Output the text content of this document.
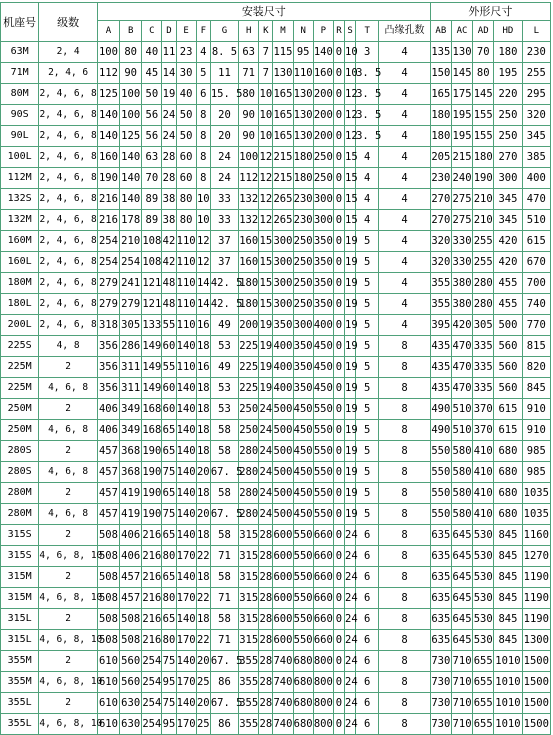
机座号	级数	安装尺寸																外形尺寸				
		A	B	C	D	E	F	G	H	K	M	N	P	R	S	T	凸缘孔数	AB	AC	AD	HD	L
63M	2, 4	100	80	40	11	23	4	8. 5	63	7	115	95	140	0	10	3	4	135	130	70	180	230
71M	2, 4, 6	112	90	45	14	30	5	11	71	7	130	110	160	0	10	3. 5	4	150	145	80	195	255
80M	2, 4, 6, 8	125	100	50	19	40	6	15. 5	80	10	165	130	200	0	12	3. 5	4	165	175	145	220	295
90S	2, 4, 6, 8	140	100	56	24	50	8	20	90	10	165	130	200	0	12	3. 5	4	180	195	155	250	320
90L	2, 4, 6, 8	140	125	56	24	50	8	20	90	10	165	130	200	0	12	3. 5	4	180	195	155	250	345
100L	2, 4, 6, 8	160	140	63	28	60	8	24	100	12	215	180	250	0	15	4	4	205	215	180	270	385
112M	2, 4, 6, 8	190	140	70	28	60	8	24	112	12	215	180	250	0	15	4	4	230	240	190	300	400
132S	2, 4, 6, 8	216	140	89	38	80	10	33	132	12	265	230	300	0	15	4	4	270	275	210	345	470
132M	2, 4, 6, 8	216	178	89	38	80	10	33	132	12	265	230	300	0	15	4	4	270	275	210	345	510
160M	2, 4, 6, 8	254	210	108	42	110	12	37	160	15	300	250	350	0	19	5	4	320	330	255	420	615
160L	2, 4, 6, 8	254	254	108	42	110	12	37	160	15	300	250	350	0	19	5	4	320	330	255	420	670
180M	2, 4, 6, 8	279	241	121	48	110	14	42. 5	180	15	300	250	350	0	19	5	4	355	380	280	455	700
180L	2, 4, 6, 8	279	279	121	48	110	14	42. 5	180	15	300	250	350	0	19	5	4	355	380	280	455	740
200L	2, 4, 6, 8	318	305	133	55	110	16	49	200	19	350	300	400	0	19	5	4	395	420	305	500	770
225S	4, 8	356	286	149	60	140	18	53	225	19	400	350	450	0	19	5	8	435	470	335	560	815
225M	2	356	311	149	55	110	16	49	225	19	400	350	450	0	19	5	8	435	470	335	560	820
225M	4, 6, 8	356	311	149	60	140	18	53	225	19	400	350	450	0	19	5	8	435	470	335	560	845
250M	2	406	349	168	60	140	18	53	250	24	500	450	550	0	19	5	8	490	510	370	615	910
250M	4, 6, 8	406	349	168	65	140	18	58	250	24	500	450	550	0	19	5	8	490	510	370	615	910
280S	2	457	368	190	65	140	18	58	280	24	500	450	550	0	19	5	8	550	580	410	680	985
280S	4, 6, 8	457	368	190	75	140	20	67. 5	280	24	500	450	550	0	19	5	8	550	580	410	680	985
280M	2	457	419	190	65	140	18	58	280	24	500	450	550	0	19	5	8	550	580	410	680	1035
280M	4, 6, 8	457	419	190	75	140	20	67. 5	280	24	500	450	550	0	19	5	8	550	580	410	680	1035
315S	2	508	406	216	65	140	18	58	315	28	600	550	660	0	24	6	8	635	645	530	845	1160
315S	4, 6, 8, 10	508	406	216	80	170	22	71	315	28	600	550	660	0	24	6	8	635	645	530	845	1270
315M	2	508	457	216	65	140	18	58	315	28	600	550	660	0	24	6	8	635	645	530	845	1190
315M	4, 6, 8, 10	508	457	216	80	170	22	71	315	28	600	550	660	0	24	6	8	635	645	530	845	1190
315L	2	508	508	216	65	140	18	58	315	28	600	550	660	0	24	6	8	635	645	530	845	1190
315L	4, 6, 8, 10	508	508	216	80	170	22	71	315	28	600	550	660	0	24	6	8	635	645	530	845	1300
355M	2	610	560	254	75	140	20	67. 5	355	28	740	680	800	0	24	6	8	730	710	655	1010	1500
355M	4, 6, 8, 10	610	560	254	95	170	25	86	355	28	740	680	800	0	24	6	8	730	710	655	1010	1500
355L	2	610	630	254	75	140	20	67. 5	355	28	740	680	800	0	24	6	8	730	710	655	1010	1500
355L	4, 6, 8, 10	610	630	254	95	170	25	86	355	28	740	680	800	0	24	6	8	730	710	655	1010	1500
